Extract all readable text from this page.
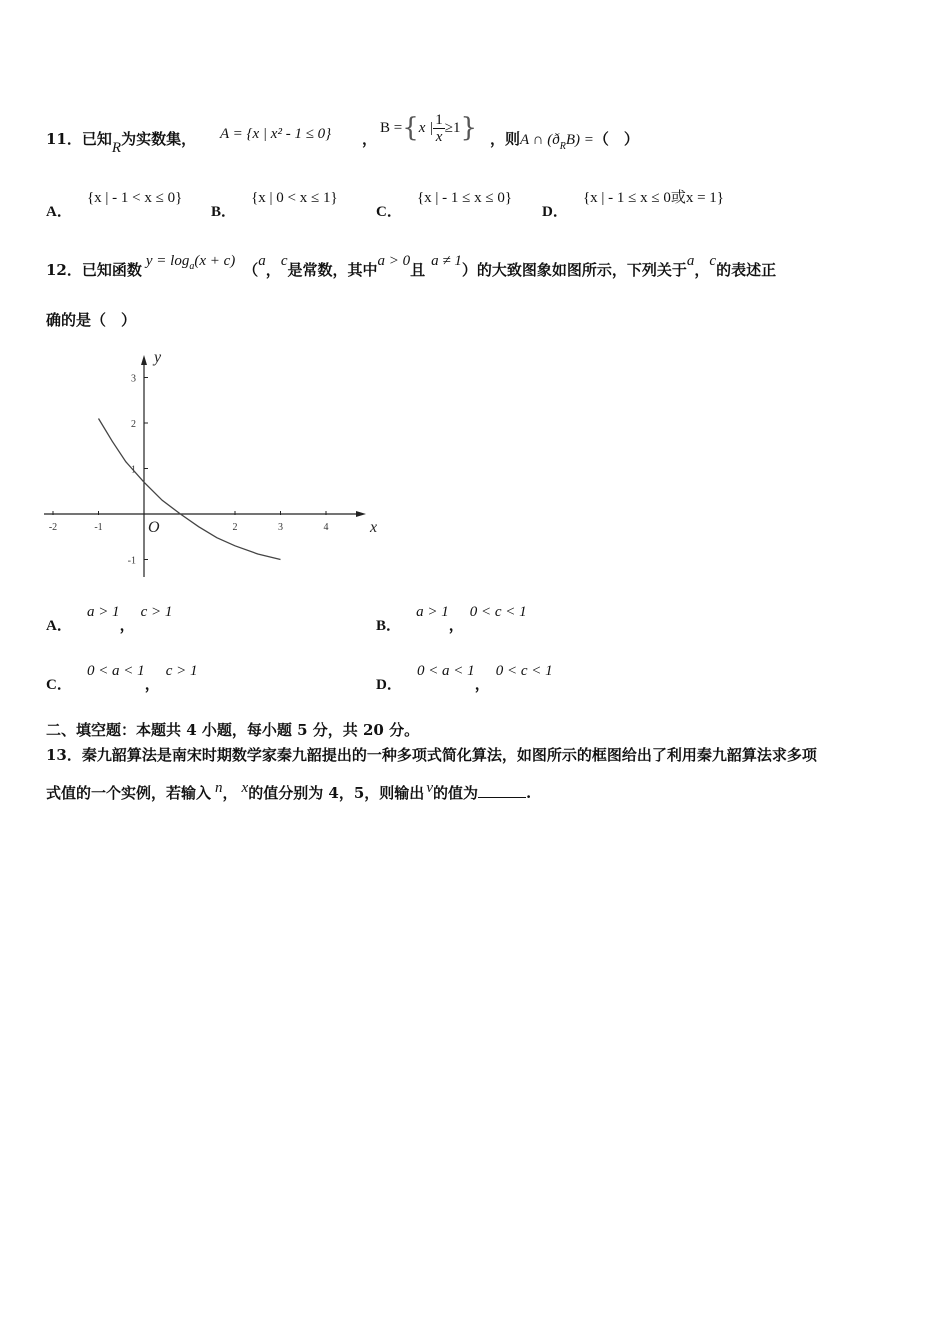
11．已知R为实数集， A = {x | x² - 1 ≤ 0} ，
B = { x | $\frac{1}{x} \ge 1$ } ，则A ∩ $(ð_RB)$ =（　）
A． {x | - 1 < x ≤ 0}
B． {x | 0 < x ≤ 1}
C． {x | - 1 ≤ x ≤ 0}
D． {x | - 1 ≤ x ≤ 0或x = 1}
12．已知函数 $y = \log_a(x + c)$ （a，c是常数，其中a > 0且 a ≠ 1）的大致图象如图所示，下列关于a，c的表述正
确的是（　）
x
y
O
-2	-1	2	3	4
3
2
1
-1
A． a > 1，c > 1
B． a > 1，0 < c < 1
C． 0 < a < 1，c > 1
D． 0 < a < 1，0 < c < 1
二、填空题：本题共 4 小题，每小题 5 分，共 20 分。
13．秦九韶算法是南宋时期数学家秦九韶提出的一种多项式简化算法，如图所示的框图给出了利用秦九韶算法求多项
式值的一个实例，若输入 n， x的值分别为 4，5，则输出 v的值为	.
